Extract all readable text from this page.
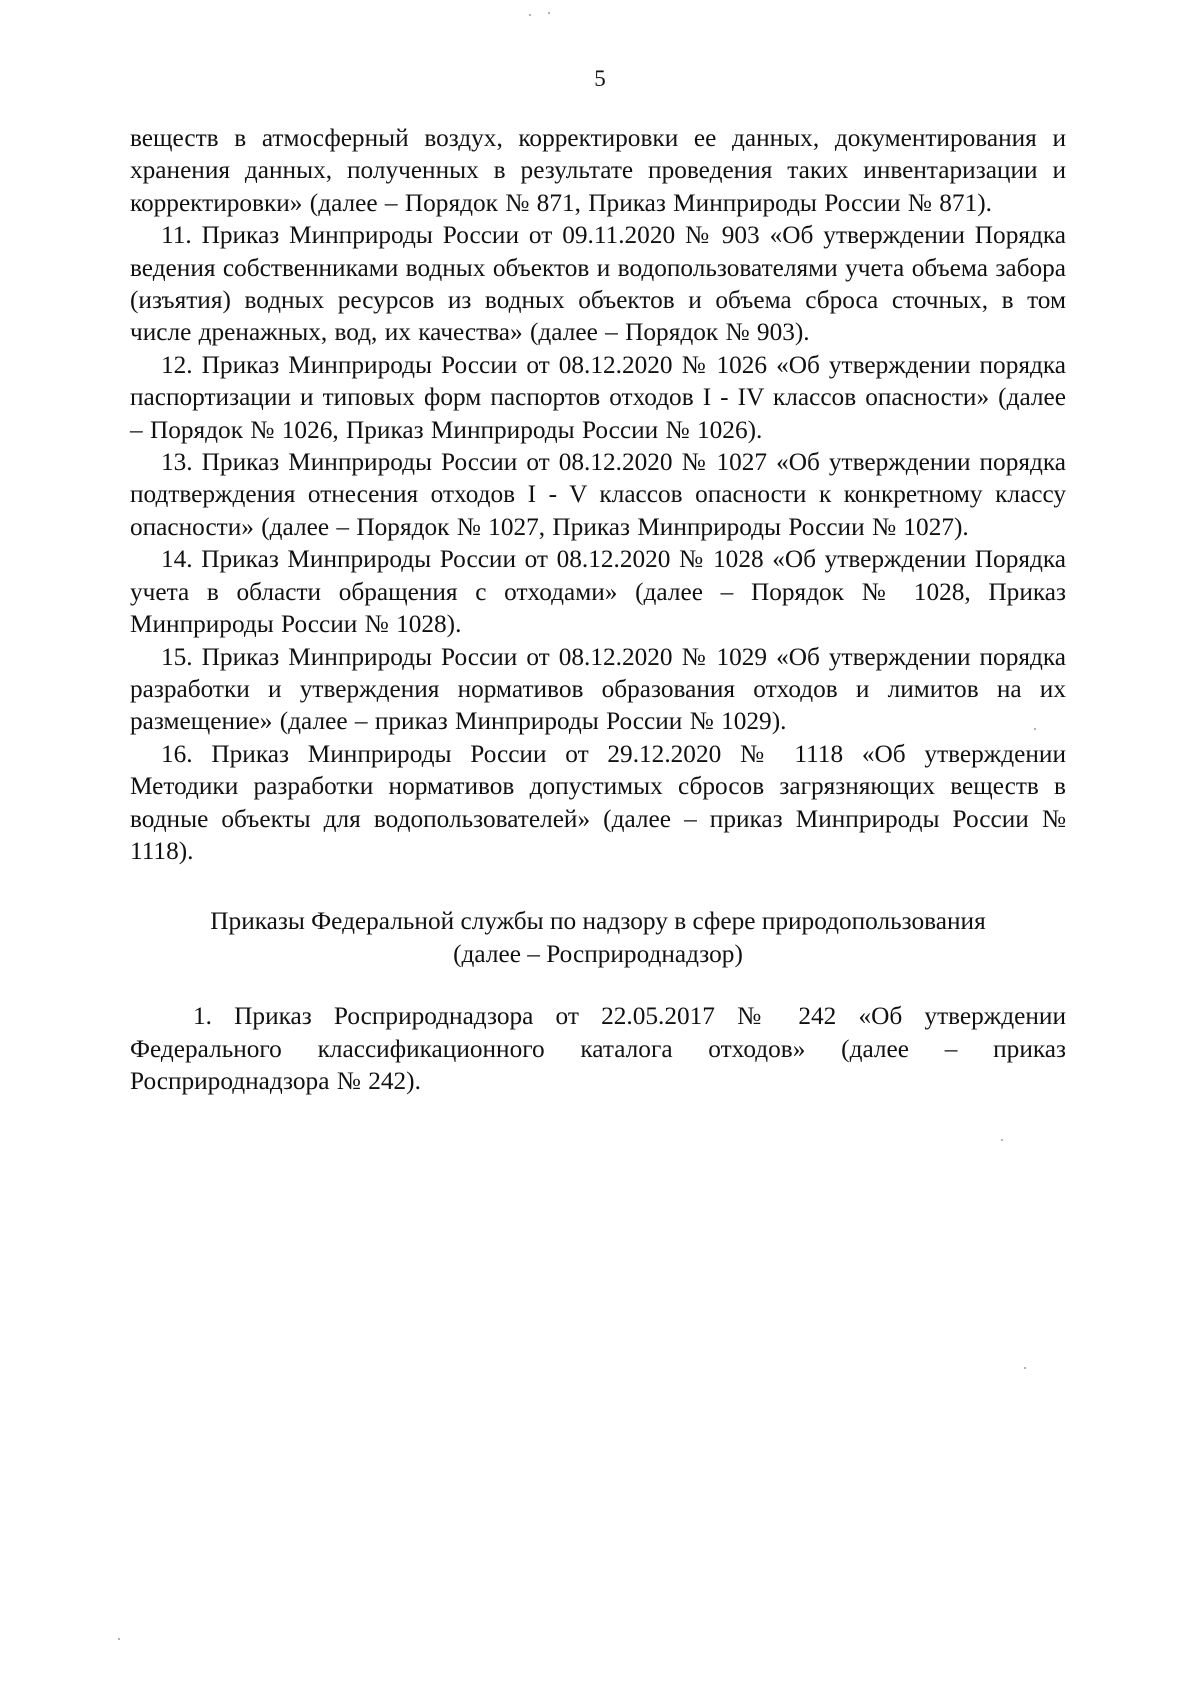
5

веществ в атмосферный воздух, корректировки ее данных, документирования и хранения данных, полученных в результате проведения таких инвентаризации и корректировки» (далее – Порядок № 871, Приказ Минприроды России № 871).

11. Приказ Минприроды России от 09.11.2020 № 903 «Об утверждении Порядка ведения собственниками водных объектов и водопользователями учета объема забора (изъятия) водных ресурсов из водных объектов и объема сброса сточных, в том числе дренажных, вод, их качества» (далее – Порядок № 903).

12. Приказ Минприроды России от 08.12.2020 № 1026 «Об утверждении порядка паспортизации и типовых форм паспортов отходов I - IV классов опасности» (далее – Порядок № 1026, Приказ Минприроды России № 1026).

13. Приказ Минприроды России от 08.12.2020 № 1027 «Об утверждении порядка подтверждения отнесения отходов I - V классов опасности к конкретному классу опасности» (далее – Порядок № 1027, Приказ Минприроды России № 1027).

14. Приказ Минприроды России от 08.12.2020 № 1028 «Об утверждении Порядка учета в области обращения с отходами» (далее – Порядок № 1028, Приказ Минприроды России № 1028).

15. Приказ Минприроды России от 08.12.2020 № 1029 «Об утверждении порядка разработки и утверждения нормативов образования отходов и лимитов на их размещение» (далее – приказ Минприроды России № 1029).

16. Приказ Минприроды России от 29.12.2020 № 1118 «Об утверждении Методики разработки нормативов допустимых сбросов загрязняющих веществ в водные объекты для водопользователей» (далее – приказ Минприроды России № 1118).

Приказы Федеральной службы по надзору в сфере природопользования
(далее – Росприроднадзор)

1. Приказ Росприроднадзора от 22.05.2017 № 242 «Об утверждении Федерального классификационного каталога отходов» (далее – приказ Росприроднадзора № 242).
